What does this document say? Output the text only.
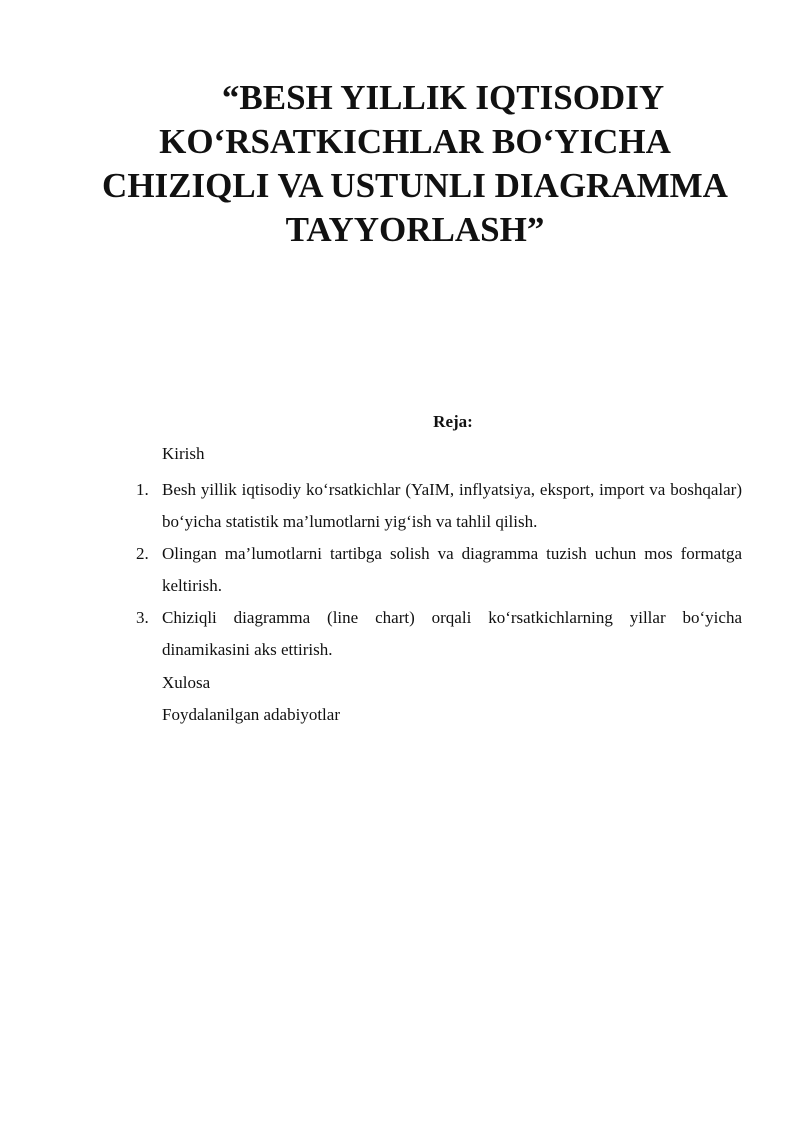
“BESH YILLIK IQTISODIY
KO‘RSATKICHLAR BO‘YICHA
CHIZIQLI VA USTUNLI DIAGRAMMA
TAYYORLASH”

Reja:

Kirish

1. Besh yillik iqtisodiy ko‘rsatkichlar (YaIM, inflyatsiya, eksport, import va boshqalar) bo‘yicha statistik ma’lumotlarni yig‘ish va tahlil qilish.
2. Olingan ma’lumotlarni tartibga solish va diagramma tuzish uchun mos formatga keltirish.
3. Chiziqli diagramma (line chart) orqali ko‘rsatkichlarning yillar bo‘yicha dinamikasini aks ettirish.

Xulosa

Foydalanilgan adabiyotlar
